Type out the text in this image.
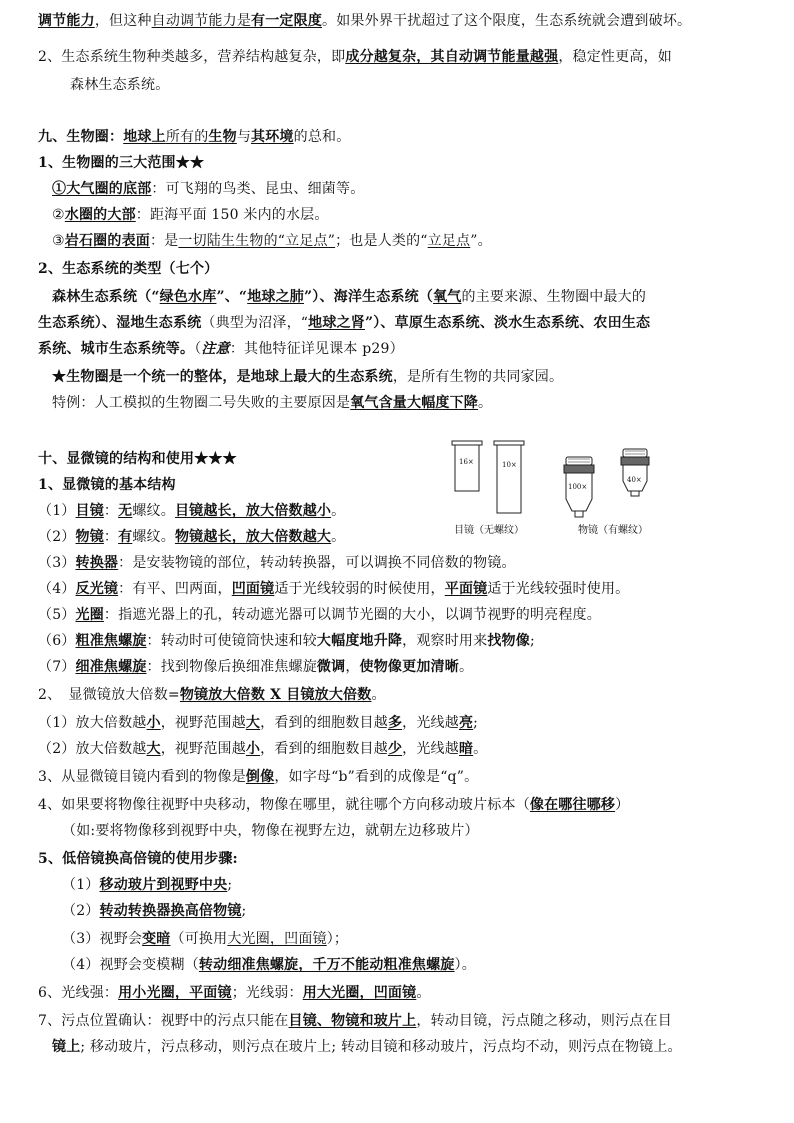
调节能力，但这种自动调节能力是有一定限度。如果外界干扰超过了这个限度，生态系统就会遭到破坏。
2、生态系统生物种类越多，营养结构越复杂，即成分越复杂，其自动调节能量越强，稳定性更高，如
森林生态系统。
九、生物圈：地球上所有的生物与其环境的总和。
1、生物圈的三大范围★★
①大气圈的底部：可飞翔的鸟类、昆虫、细菌等。
②水圈的大部：距海平面 150 米内的水层。
③岩石圈的表面：是一切陆生生物的“立足点”；也是人类的“立足点”。
2、生态系统的类型（七个）
森林生态系统（“绿色水库”、“地球之肺”）、海洋生态系统（氧气的主要来源、生物圈中最大的
生态系统）、湿地生态系统（典型为沼泽，“地球之肾”）、草原生态系统、淡水生态系统、农田生态
系统、城市生态系统等。（注意：其他特征详见课本 p29）
★生物圈是一个统一的整体，是地球上最大的生态系统，是所有生物的共同家园。
特例：人工模拟的生物圈二号失败的主要原因是氧气含量大幅度下降。
十、显微镜的结构和使用★★★
1、显微镜的基本结构
（1）目镜：无螺纹。目镜越长，放大倍数越小。
（2）物镜：有螺纹。物镜越长，放大倍数越大。
（3）转换器：是安装物镜的部位，转动转换器，可以调换不同倍数的物镜。
（4）反光镜：有平、凹两面，凹面镜适于光线较弱的时候使用，平面镜适于光线较强时使用。
（5）光圈：指遮光器上的孔，转动遮光器可以调节光圈的大小，以调节视野的明亮程度。
（6）粗准焦螺旋：转动时可使镜筒快速和较大幅度地升降，观察时用来找物像;
（7）细准焦螺旋：找到物像后换细准焦螺旋微调，使物像更加清晰。
2、　显微镜放大倍数=物镜放大倍数 X 目镜放大倍数。
（1）放大倍数越小，视野范围越大，看到的细胞数目越多，光线越亮;
（2）放大倍数越大，视野范围越小，看到的细胞数目越少，光线越暗。
3、从显微镜目镜内看到的物像是倒像，如字母“b”看到的成像是“q”。
4、如果要将物像往视野中央移动，物像在哪里，就往哪个方向移动玻片标本（像在哪往哪移）
（如:要将物像移到视野中央，物像在视野左边，就朝左边移玻片）
5、低倍镜换高倍镜的使用步骤:
（1）移动玻片到视野中央;
（2）转动转换器换高倍物镜;
（3）视野会变暗（可换用大光圈，凹面镜）；
（4）视野会变模糊（转动细准焦螺旋，千万不能动粗准焦螺旋）。
6、光线强：用小光圈，平面镜；光线弱：用大光圈，凹面镜。
7、污点位置确认：视野中的污点只能在目镜、物镜和玻片上，转动目镜，污点随之移动，则污点在目
镜上; 移动玻片，污点移动，则污点在玻片上; 转动目镜和移动玻片，污点均不动，则污点在物镜上。
16×	10×
100×
40×
目镜（无螺纹）	物镜（有螺纹）
